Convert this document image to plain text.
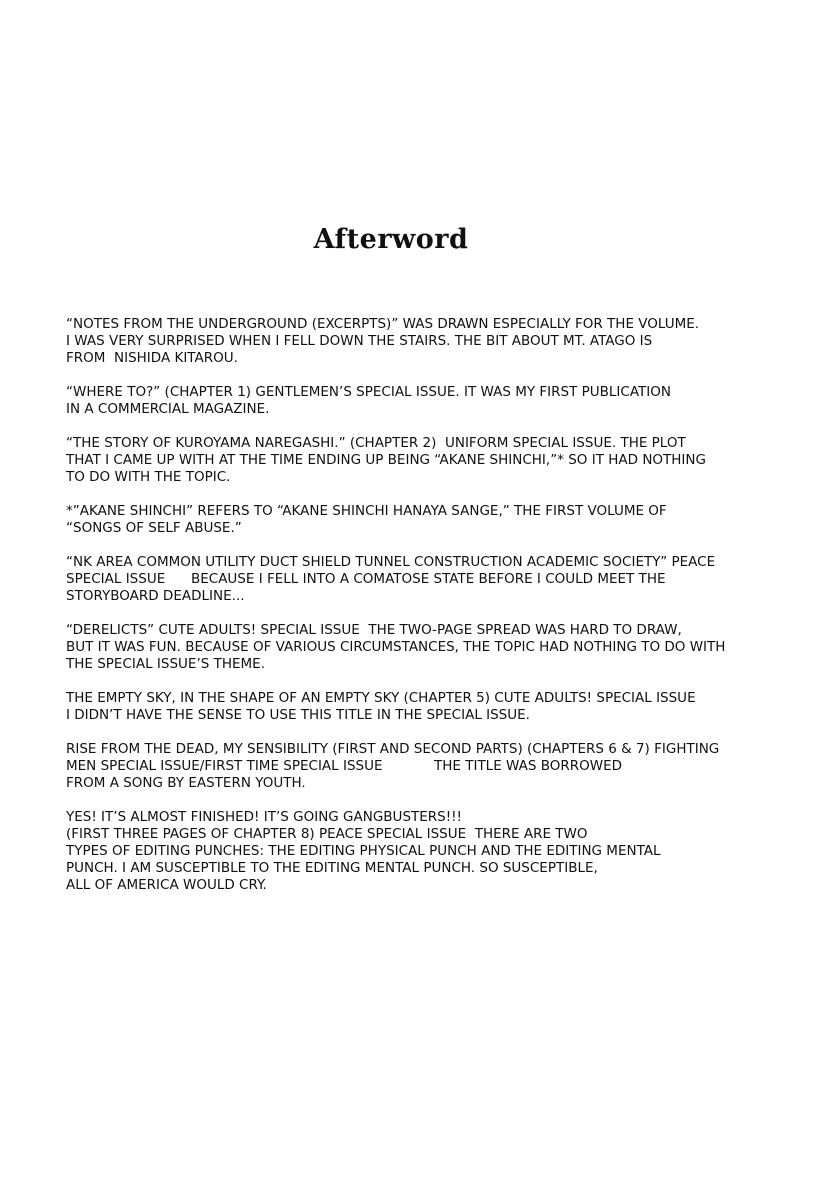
Afterword

“NOTES FROM THE UNDERGROUND (EXCERPTS)” WAS DRAWN ESPECIALLY FOR THE VOLUME.
I WAS VERY SURPRISED WHEN I FELL DOWN THE STAIRS. THE BIT ABOUT MT. ATAGO IS
FROM  NISHIDA KITAROU.

“WHERE TO?” (CHAPTER 1) GENTLEMEN’S SPECIAL ISSUE. IT WAS MY FIRST PUBLICATION
IN A COMMERCIAL MAGAZINE.

“THE STORY OF KUROYAMA NAREGASHI.” (CHAPTER 2)  UNIFORM SPECIAL ISSUE. THE PLOT
THAT I CAME UP WITH AT THE TIME ENDING UP BEING “AKANE SHINCHI,”* SO IT HAD NOTHING
TO DO WITH THE TOPIC.

*”AKANE SHINCHI” REFERS TO “AKANE SHINCHI HANAYA SANGE,” THE FIRST VOLUME OF
“SONGS OF SELF ABUSE.”

“NK AREA COMMON UTILITY DUCT SHIELD TUNNEL CONSTRUCTION ACADEMIC SOCIETY” PEACE
SPECIAL ISSUE      BECAUSE I FELL INTO A COMATOSE STATE BEFORE I COULD MEET THE
STORYBOARD DEADLINE...

“DERELICTS” CUTE ADULTS! SPECIAL ISSUE  THE TWO-PAGE SPREAD WAS HARD TO DRAW,
BUT IT WAS FUN. BECAUSE OF VARIOUS CIRCUMSTANCES, THE TOPIC HAD NOTHING TO DO WITH
THE SPECIAL ISSUE’S THEME.

THE EMPTY SKY, IN THE SHAPE OF AN EMPTY SKY (CHAPTER 5) CUTE ADULTS! SPECIAL ISSUE
I DIDN’T HAVE THE SENSE TO USE THIS TITLE IN THE SPECIAL ISSUE.

RISE FROM THE DEAD, MY SENSIBILITY (FIRST AND SECOND PARTS) (CHAPTERS 6 & 7) FIGHTING
MEN SPECIAL ISSUE/FIRST TIME SPECIAL ISSUE            THE TITLE WAS BORROWED
FROM A SONG BY EASTERN YOUTH.

YES! IT’S ALMOST FINISHED! IT’S GOING GANGBUSTERS!!!
(FIRST THREE PAGES OF CHAPTER 8) PEACE SPECIAL ISSUE  THERE ARE TWO
TYPES OF EDITING PUNCHES: THE EDITING PHYSICAL PUNCH AND THE EDITING MENTAL
PUNCH. I AM SUSCEPTIBLE TO THE EDITING MENTAL PUNCH. SO SUSCEPTIBLE,
ALL OF AMERICA WOULD CRY.
